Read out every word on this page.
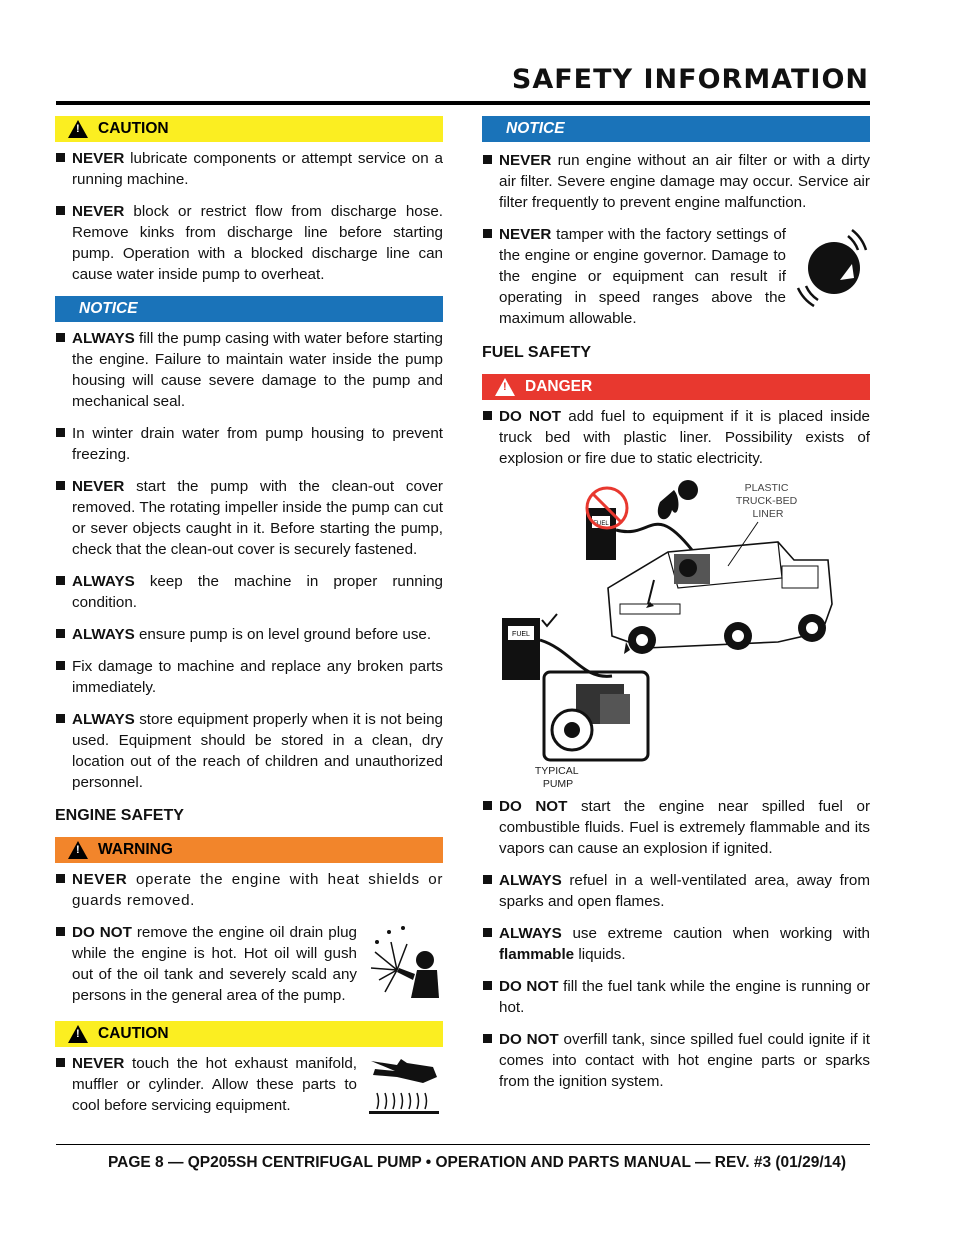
SAFETY INFORMATION
!
CAUTION
NEVER lubricate components or attempt service on a running machine.
NEVER block or restrict flow from discharge hose. Remove kinks from discharge line before starting pump. Operation with a blocked discharge line can cause water inside pump to overheat.
NOTICE
ALWAYS fill the pump casing with water before starting the engine. Failure to maintain water inside the pump housing will cause severe damage to the pump and mechanical seal.
In winter drain water from pump housing to prevent freezing.
NEVER start the pump with the clean-out cover removed. The rotating impeller inside the pump can cut or sever objects caught in it. Before starting the pump, check that the clean-out cover is securely fastened.
ALWAYS keep the machine in proper running condition.
ALWAYS ensure pump is on level ground before use.
Fix damage to machine and replace any broken parts immediately.
ALWAYS store equipment properly when it is not being used. Equipment should be stored in a clean, dry location out of the reach of children and unauthorized personnel.
ENGINE SAFETY
!
WARNING
NEVER operate the engine with heat shields or guards removed.
DO NOT remove the engine oil drain plug while the engine is hot. Hot oil will gush out of the oil tank and severely scald any persons in the general area of the pump.
!
CAUTION
NEVER touch the hot exhaust manifold, muffler or cylinder. Allow these parts to cool before servicing equipment.
NOTICE
NEVER run engine without an air filter or with a dirty air filter. Severe engine damage may occur. Service air filter frequently to prevent engine malfunction.
NEVER tamper with the factory settings of the engine or engine governor. Damage to the engine or equipment can result if operating in speed ranges above the maximum allowable.
FUEL SAFETY
!
DANGER
DO NOT add fuel to equipment if it is placed inside truck bed with plastic liner. Possibility exists of explosion or fire due to static electricity.
FUEL
PLASTIC TRUCK-BED LINER
FUEL
TYPICAL PUMP
DO NOT start the engine near spilled fuel or combustible fluids. Fuel is extremely flammable and its vapors can cause an explosion if ignited.
ALWAYS refuel in a well-ventilated area, away from sparks and open flames.
ALWAYS use extreme caution when working with flammable liquids.
DO NOT fill the fuel tank while the engine is running or hot.
DO NOT overfill tank, since spilled fuel could ignite if it comes into contact with hot engine parts or sparks from the ignition system.
PAGE 8 — QP205SH CENTRIFUGAL PUMP • OPERATION AND PARTS MANUAL — REV. #3 (01/29/14)
